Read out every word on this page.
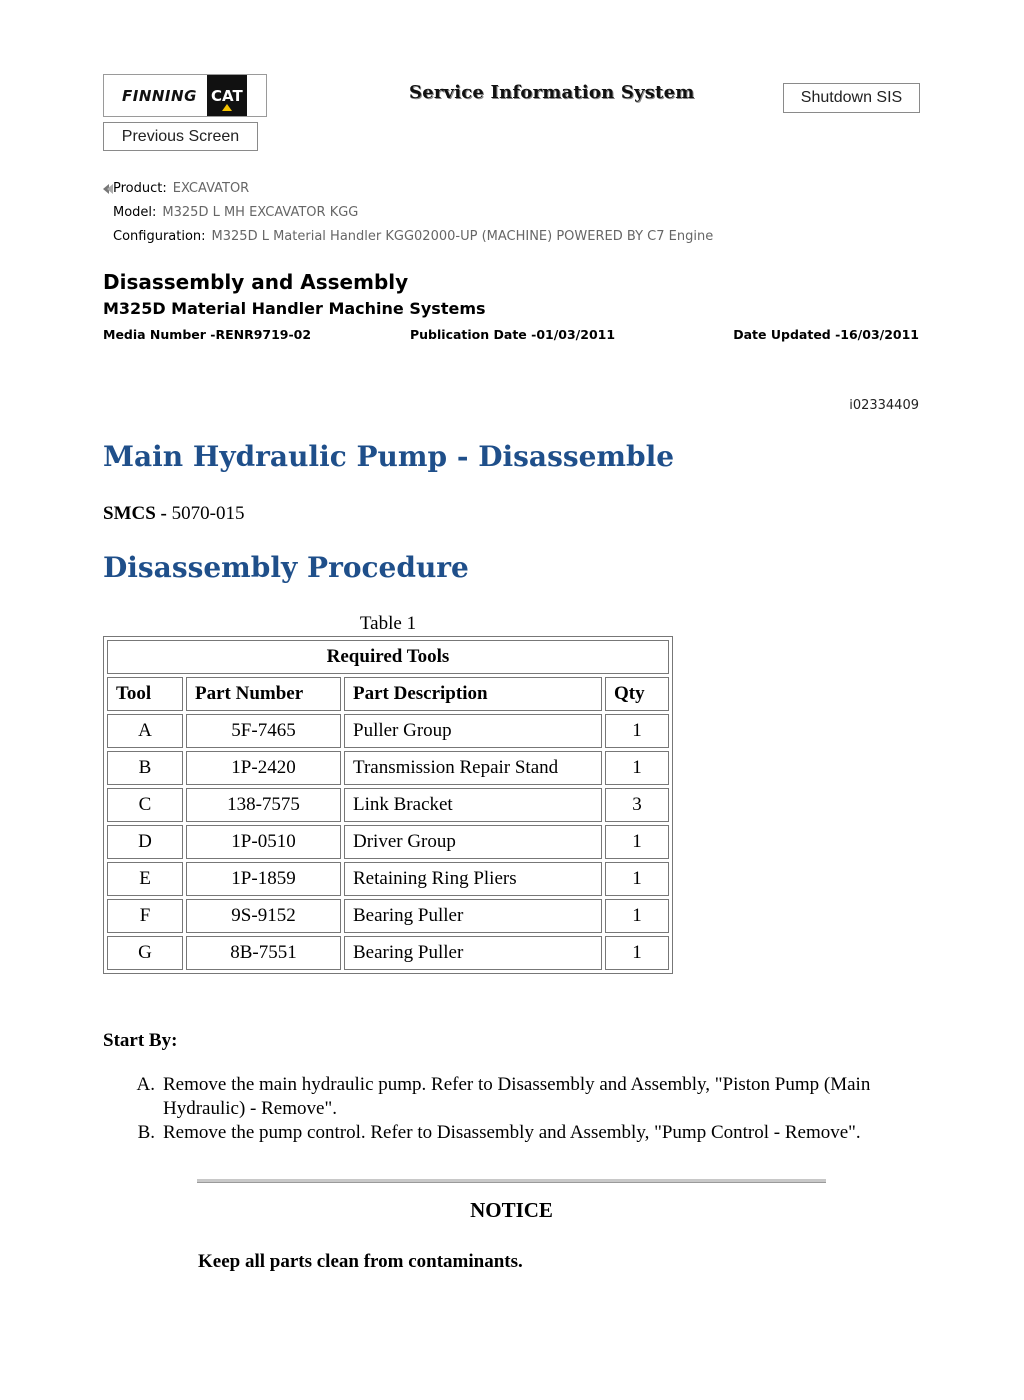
FINNING CAT	Service Information System	Shutdown SIS
Previous Screen
Product: EXCAVATOR
Model: M325D L MH EXCAVATOR KGG
Configuration: M325D L Material Handler KGG02000-UP (MACHINE) POWERED BY C7 Engine
Disassembly and Assembly
M325D Material Handler Machine Systems
Media Number -RENR9719-02	Publication Date -01/03/2011	Date Updated -16/03/2011
i02334409
Main Hydraulic Pump - Disassemble
SMCS - 5070-015
Disassembly Procedure
Table 1
Required Tools			
Tool	Part Number	Part Description	Qty
A	5F-7465	Puller Group	1
B	1P-2420	Transmission Repair Stand	1
C	138-7575	Link Bracket	3
D	1P-0510	Driver Group	1
E	1P-1859	Retaining Ring Pliers	1
F	9S-9152	Bearing Puller	1
G	8B-7551	Bearing Puller	1
Start By:
A. Remove the main hydraulic pump. Refer to Disassembly and Assembly, "Piston Pump (Main Hydraulic) - Remove".
B. Remove the pump control. Refer to Disassembly and Assembly, "Pump Control - Remove".
NOTICE
Keep all parts clean from contaminants.
